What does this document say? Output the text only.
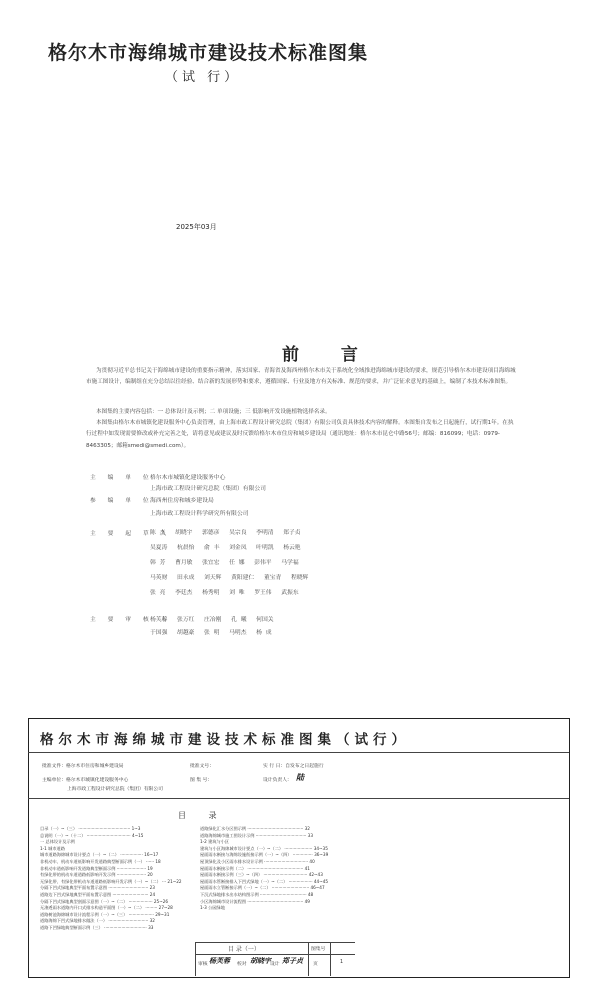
格尔木市海绵城市建设技术标准图集
（试 行）
2025年03月
前 言
为贯彻习近平总书记关于海绵城市建设的重要指示精神，落实国家、青海省及海西州格尔木市关于系统化全域推进海绵城市建设的要求，规范引导格尔木市建设项目海绵城市施工图设计，编制组在充分总结以往经验、结合新的发展形势和要求，遵循国家、行业及地方有关标准、规范的要求，并广泛征求意见的基础上，编制了本技术标准图集。
本图集的主要内容包括：一 总体设计及示例；二 单项设施；三 低影响开发设施植物选择名录。
本图集由格尔木市城镇化建设服务中心负责管理，由上海市政工程设计研究总院（集团）有限公司负责具体技术内容的解释。本图集自发布之日起施行，试行期1年。在执行过程中如发现需要修改或补充完善之处，请将意见或建议及时反馈给格尔木市住房和城乡建设局（通讯地址：格尔木市昆仑中路56号；邮编：816099；电话：0979-8463305；邮箱smedi@smedi.com）。
主 编 单 位
格尔木市城镇化建设服务中心
上海市政工程设计研究总院（集团）有限公司
参 编 单 位
海西州住房和城乡建设局
上海市政工程设计科学研究所有限公司
主 要 起 草 人
陈 杰　 胡晓宇　 郭德彦　 吴宗良　 李明清　 郑子贞
吴夏涛　 杭晨怡　 俞 丰　 刘金凤　 叶明凯　 杨云艳
韩 芳　 曹月敏　 张宜宏　 任 娜　 彭伟平　 马学福
马英财　 田永成　 刘天辉　 黄阳建仁　 董宝青　 程晓辉
张 亮　 李廷杰　 杨秀明　 刘 唯　 罗王伟　 武振东
主 要 审 核 人
杨芙蓉　 张万红　 庄冶刚　 孔 曦　 何国关
于国强　 胡越豪　 张 明　 马明杰　 杨 成
格尔木市海绵城市建设技术标准图集（试行）
批准文件：格尔木市住房和城乡建设局	批准文号：	实 行 日：自发布之日起施行
主编单位：格尔木市城镇化建设服务中心
上海市政工程设计研究总院（集团）有限公司
图 集 号：	设计负责人： 陆
目 录
目录（一）~（三） ······································· 1~3
总说明（一）~（十二） ································· 4~15
一 总体设计及示例
1-1 城市道路
城市道路海绵城市设计要点（一）~（二） ················· 16~17
非机动车、机动车道低影响开发道路典型断面示例（一） ······ 18
非机动车道低影响开发道路典型断面示例 ······················ 19
有绿化带的机动车道道路低影响开发示例 ······················ 20
无绿化带、有绿化带机动车道道路低影响开发示例（一）~（二） ··· 21~22
分隔下凹式绿地典型平面布置示意图 ······························ 23
道路边下凹式绿地典型平面布置示意图 ··························· 24
分隔下凹式绿地典型剖面示意图（一）~（二） ·················· 25~26
无渗透雨水道路内开口式排水构造平面图（一）~（二） ········· 27~28
道路树池海绵城市设计流程示例（一）~（三） ··················· 29~31
道路海绵下凹式绿地排水做法（一） ······························ 32
道路下凹绿地典型断面示例（三） ································ 33
道路绿化汇水分区图示例 ·········································· 32
道路海绵城市施工图设计示例 ······································ 33
1-2 建筑与小区
建筑与小区海绵城市设计要点（一）~（二） ····················· 34~35
屋面雨水断接与海绵设施衔接示例（一）~（四） ··············· 36~39
屋顶绿化及小区雨水排水设计示例 ································· 40
屋面雨水断接示例（二） ·········································· 41
屋面雨水断接示例（三）~（四） ································· 42~43
屋面雨水管断接排入下凹式绿地（一）~（二） ·················· 44~45
屋面雨水立管断接示例（一）~（二） ···························· 46~47
下沉式绿地排水出水结构图示例 ··································· 48
小区海绵城市设计流程图 ·········································· 49
1-3 公园绿地
目 录（一）	图集号
审核 杨芙蓉 校对 胡晓宇 设计 郑子贞 页	1
